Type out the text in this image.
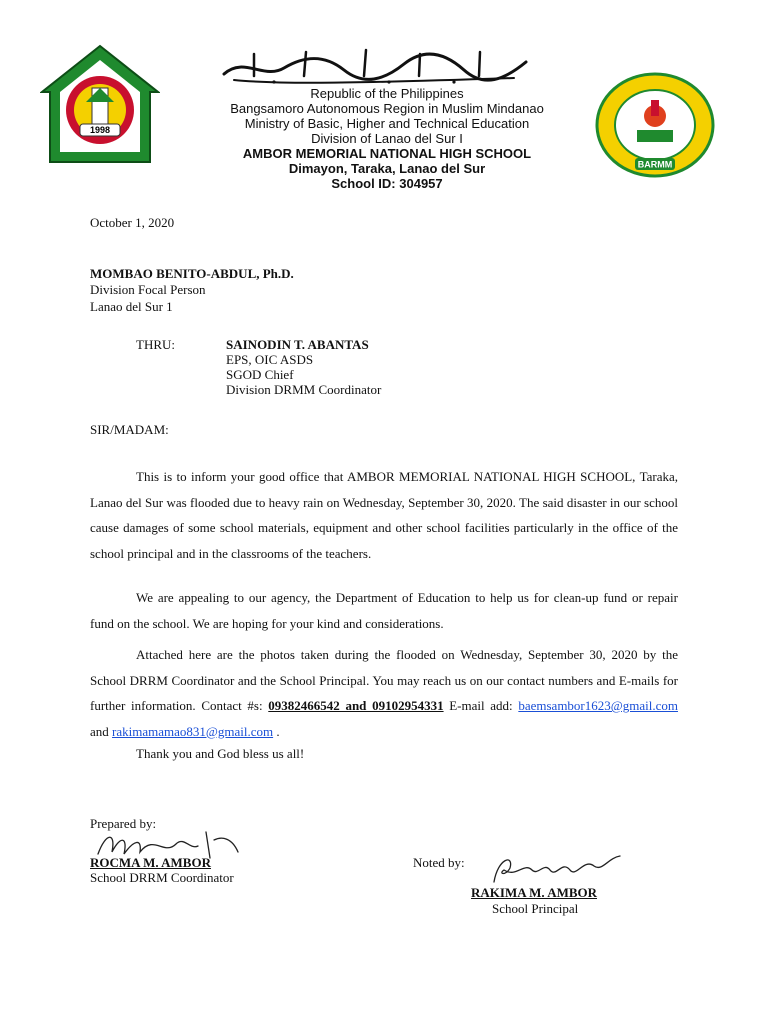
1998
Republic of the Philippines
Bangsamoro Autonomous Region in Muslim Mindanao
Ministry of Basic, Higher and Technical Education
Division of Lanao del Sur I
AMBOR MEMORIAL NATIONAL HIGH SCHOOL
Dimayon, Taraka, Lanao del Sur
School ID: 304957
BARMM
October 1, 2020
MOMBAO BENITO-ABDUL, Ph.D.
Division Focal Person
Lanao del Sur 1
THRU:	SAINODIN T. ABANTAS
EPS, OIC ASDS
SGOD Chief
Division DRMM Coordinator
SIR/MADAM:
This is to inform your good office that AMBOR MEMORIAL NATIONAL HIGH SCHOOL, Taraka, Lanao del Sur was flooded due to heavy rain on Wednesday, September 30, 2020. The said disaster in our school cause damages of some school materials, equipment and other school facilities particularly in the office of the school principal and in the classrooms of the teachers.
We are appealing to our agency, the Department of Education to help us for clean-up fund or repair fund on the school. We are hoping for your kind and considerations.
Attached here are the photos taken during the flooded on Wednesday, September 30, 2020 by the School DRRM Coordinator and the School Principal. You may reach us on our contact numbers and E-mails for further information. Contact #s: 09382466542 and 09102954331 E-mail add: baemsambor1623@gmail.com and rakimamamao831@gmail.com .
Thank you and God bless us all!
Prepared by:
ROCMA M. AMBOR
School DRRM Coordinator
Noted by:
RAKIMA M. AMBOR
School Principal
